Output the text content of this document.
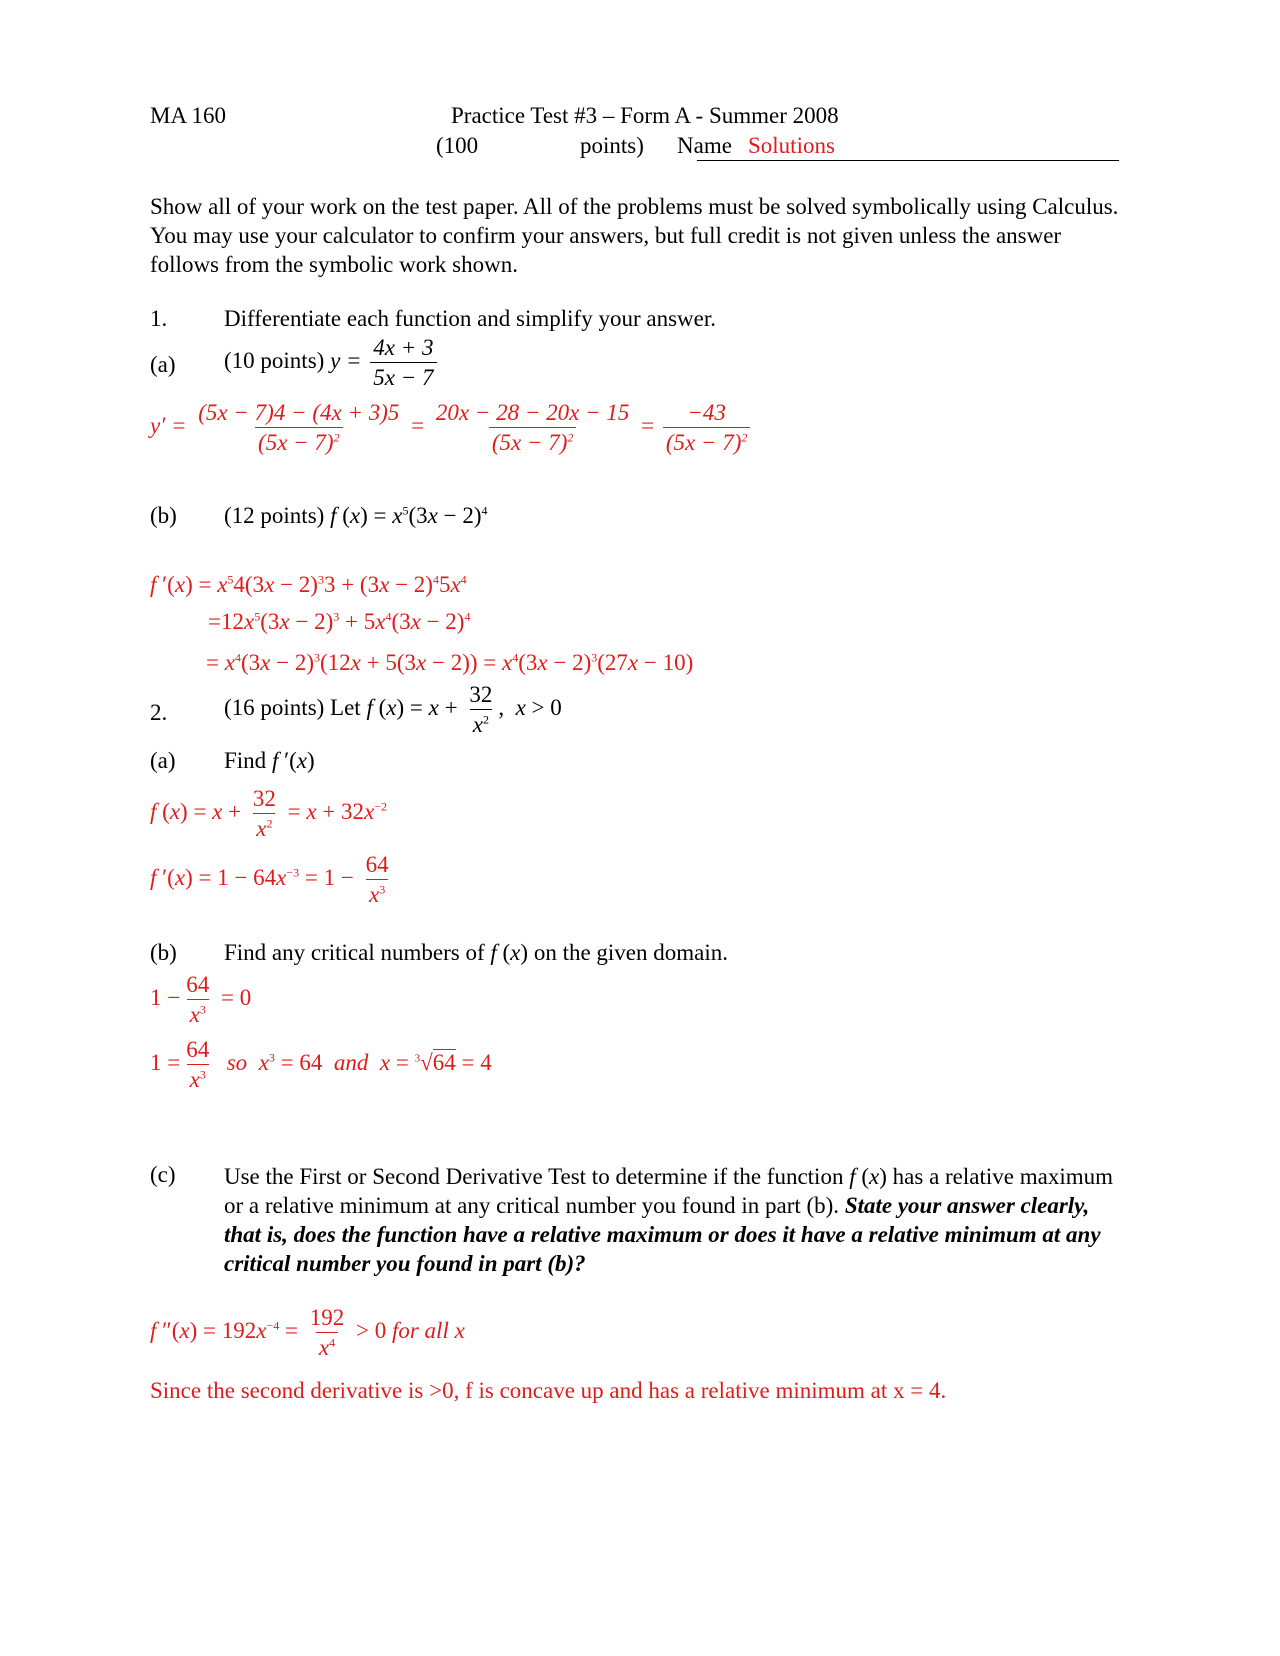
MA 160	Practice Test #3 – Form A - Summer 2008
(100	points) Name Solutions
Show all of your work on the test paper. All of the problems must be solved symbolically using Calculus. You may use your calculator to confirm your answers, but full credit is not given unless the answer follows from the symbolic work shown.
1. Differentiate each function and simplify your answer.
(a) (10 points) $y = \frac{4x + 3}{5x - 7}$
$y' = \frac{(5x - 7)4 - (4x + 3)5}{(5x - 7)^2} = \frac{20x - 28 - 20x - 15}{(5x - 7)^2} = \frac{-43}{(5x - 7)^2}$
(b) (12 points) f $(x) = x^5(3x - 2)^4$
f $'(x) = x^54(3x - 2)^33 + (3x - 2)^45x^4$
$=12x^5(3x - 2)^3 + 5x^4(3x - 2)^4$
= $x^4(3x - 2)^3(12x + 5(3x - 2)) = x^4(3x - 2)^3(27x - 10)$
2. (16 points) Let f $(x) = x + \frac{32}{x^2}$ ,  x > 0
(a) Find f ′(x)
f $(x) = x + \frac{32}{x^2} = x + 32x^{-2}$
f $'(x) = 1 - 64x^{-3} = 1 - \frac{64}{x^3}$
(b) Find any critical numbers of f (x) on the given domain.
$1 - \frac{64}{x^3} = 0$
$1 = \frac{64}{x^3}$ so $x^3 = 64$  and x = $^3$√64 = 4
(c) Use the First or Second Derivative Test to determine if the function f (x) has a relative maximum or a relative minimum at any critical number you found in part (b). State your answer clearly, that is, does the function have a relative maximum or does it have a relative minimum at any critical number you found in part (b)?
f $''(x) = 192x^{-4} = \frac{192}{x^4} > 0$ for all x
Since the second derivative is >0, f is concave up and has a relative minimum at x = 4.
